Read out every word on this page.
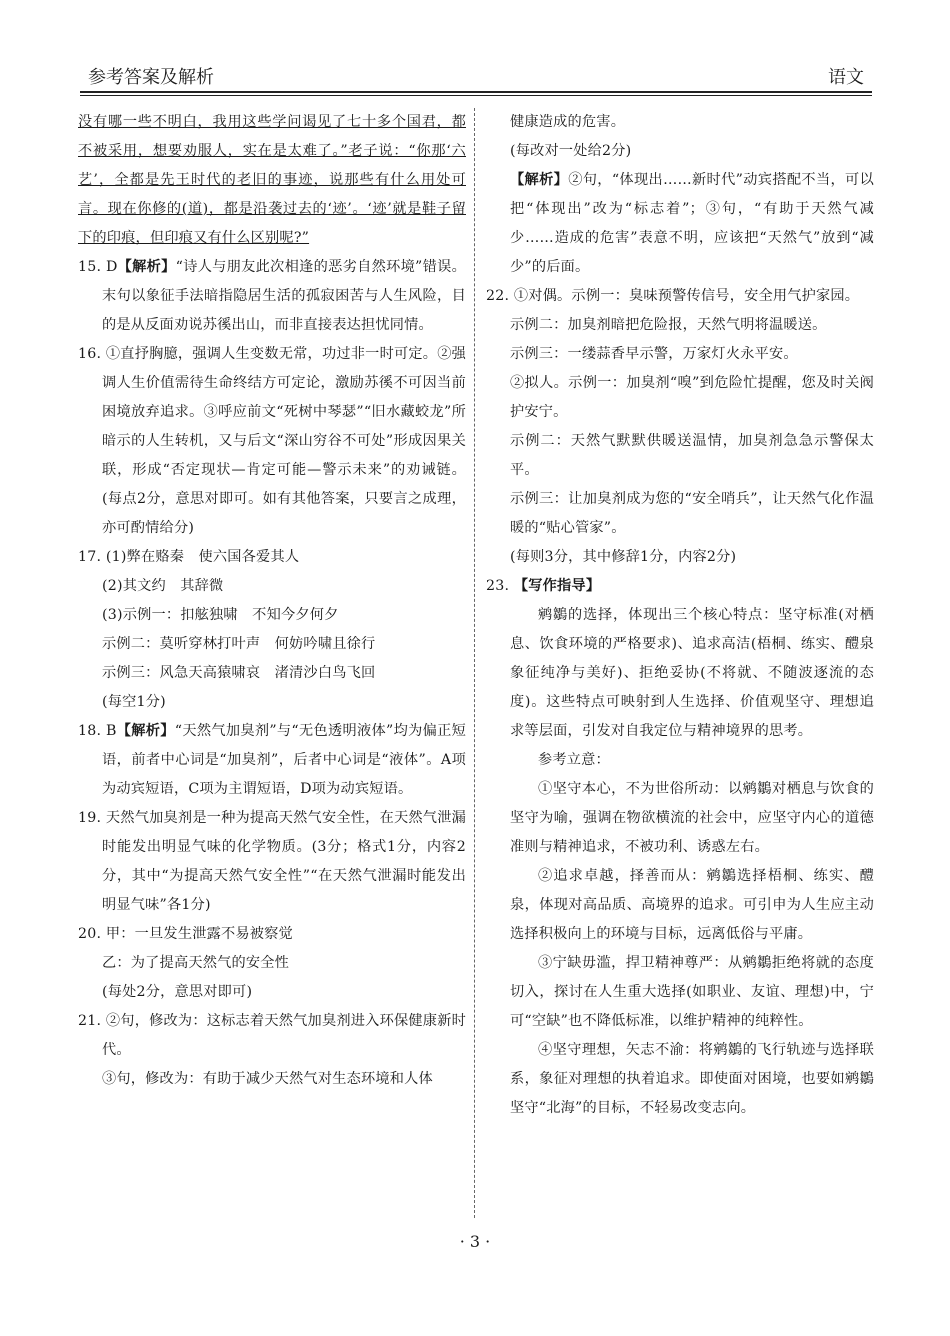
参考答案及解析	语文

没有哪一些不明白，我用这些学问谒见了七十多个国君，都不被采用，想要劝服人，实在是太难了。”老子说：“你那‘六艺’，全都是先王时代的老旧的事迹，说那些有什么用处可言。现在你修的(道)，都是沿袭过去的‘迹’。‘迹’就是鞋子留下的印痕，但印痕又有什么区别呢?”

15. D【解析】“诗人与朋友此次相逢的恶劣自然环境”错误。末句以象征手法暗指隐居生活的孤寂困苦与人生风险，目的是从反面劝说苏徯出山，而非直接表达担忧同情。

16. ①直抒胸臆，强调人生变数无常，功过非一时可定。②强调人生价值需待生命终结方可定论，激励苏徯不可因当前困境放弃追求。③呼应前文“死树中琴瑟”“旧水藏蛟龙”所暗示的人生转机，又与后文“深山穷谷不可处”形成因果关联，形成“否定现状—肯定可能—警示未来”的劝诫链。(每点2分，意思对即可。如有其他答案，只要言之成理，亦可酌情给分)

17. (1)弊在赂秦　使六国各爱其人

(2)其文约　其辞微

(3)示例一：扣舷独啸　不知今夕何夕

示例二：莫听穿林打叶声　何妨吟啸且徐行

示例三：风急天高猿啸哀　渚清沙白鸟飞回

(每空1分)

18. B【解析】“天然气加臭剂”与“无色透明液体”均为偏正短语，前者中心词是“加臭剂”，后者中心词是“液体”。A项为动宾短语，C项为主谓短语，D项为动宾短语。

19. 天然气加臭剂是一种为提高天然气安全性，在天然气泄漏时能发出明显气味的化学物质。(3分；格式1分，内容2分，其中“为提高天然气安全性”“在天然气泄漏时能发出明显气味”各1分)

20. 甲：一旦发生泄露不易被察觉

乙：为了提高天然气的安全性

(每处2分，意思对即可)

21. ②句，修改为：这标志着天然气加臭剂进入环保健康新时代。

③句，修改为：有助于减少天然气对生态环境和人体

健康造成的危害。

(每改对一处给2分)

【解析】②句，“体现出……新时代”动宾搭配不当，可以把“体现出”改为“标志着”；③句，“有助于天然气减少……造成的危害”表意不明，应该把“天然气”放到“减少”的后面。

22. ①对偶。示例一：臭味预警传信号，安全用气护家园。

示例二：加臭剂暗把危险报，天然气明将温暖送。

示例三：一缕蒜香早示警，万家灯火永平安。

②拟人。示例一：加臭剂“嗅”到危险忙提醒，您及时关阀护安宁。

示例二：天然气默默供暖送温情，加臭剂急急示警保太平。

示例三：让加臭剂成为您的“安全哨兵”，让天然气化作温暖的“贴心管家”。

(每则3分，其中修辞1分，内容2分)

23. 【写作指导】

鹓鶵的选择，体现出三个核心特点：坚守标准(对栖息、饮食环境的严格要求)、追求高洁(梧桐、练实、醴泉象征纯净与美好)、拒绝妥协(不将就、不随波逐流的态度)。这些特点可映射到人生选择、价值观坚守、理想追求等层面，引发对自我定位与精神境界的思考。

参考立意：

①坚守本心，不为世俗所动：以鹓鶵对栖息与饮食的坚守为喻，强调在物欲横流的社会中，应坚守内心的道德准则与精神追求，不被功利、诱惑左右。

②追求卓越，择善而从：鹓鶵选择梧桐、练实、醴泉，体现对高品质、高境界的追求。可引申为人生应主动选择积极向上的环境与目标，远离低俗与平庸。

③宁缺毋滥，捍卫精神尊严：从鹓鶵拒绝将就的态度切入，探讨在人生重大选择(如职业、友谊、理想)中，宁可“空缺”也不降低标准，以维护精神的纯粹性。

④坚守理想，矢志不渝：将鹓鶵的飞行轨迹与选择联系，象征对理想的执着追求。即使面对困境，也要如鹓鶵坚守“北海”的目标，不轻易改变志向。

· 3 ·
